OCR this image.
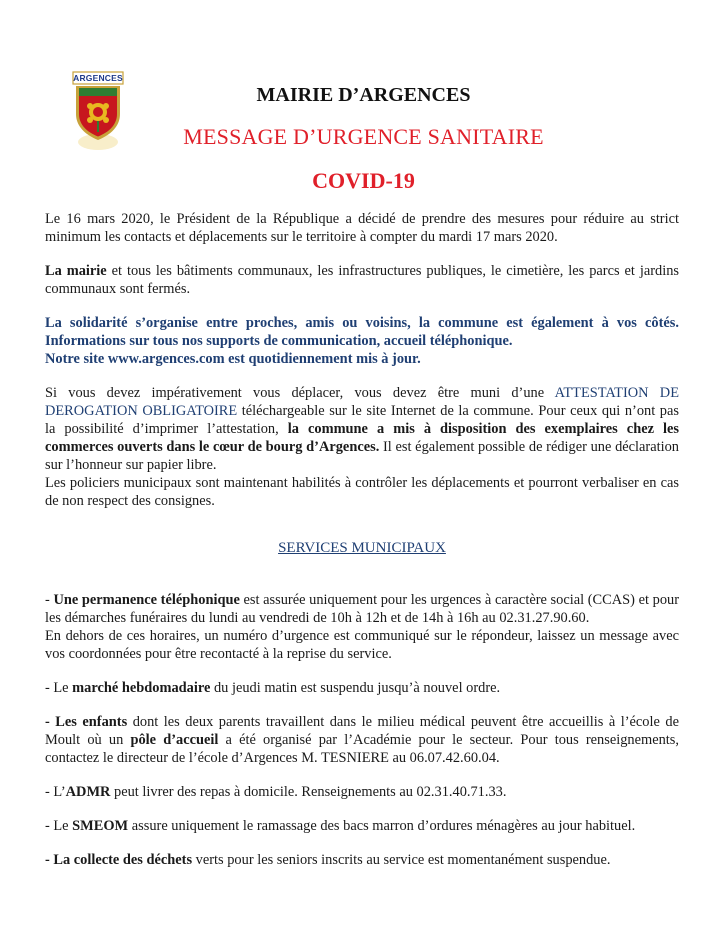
ARGENCES
MAIRIE D’ARGENCES
MESSAGE D’URGENCE SANITAIRE
COVID-19

Le 16 mars 2020, le Président de la République a décidé de prendre des mesures pour réduire au strict minimum les contacts et déplacements sur le territoire à compter du mardi 17 mars 2020.

La mairie et tous les bâtiments communaux, les infrastructures publiques, le cimetière, les parcs et jardins communaux sont fermés.

La solidarité s’organise entre proches, amis ou voisins, la commune est également à vos côtés. Informations sur tous nos supports de communication, accueil téléphonique.
Notre site www.argences.com est quotidiennement mis à jour.

Si vous devez impérativement vous déplacer, vous devez être muni d’une ATTESTATION DE DEROGATION OBLIGATOIRE téléchargeable sur le site Internet de la commune. Pour ceux qui n’ont pas la possibilité d’imprimer l’attestation, la commune a mis à disposition des exemplaires chez les commerces ouverts dans le cœur de bourg d’Argences. Il est également possible de rédiger une déclaration sur l’honneur sur papier libre.

Les policiers municipaux sont maintenant habilités à contrôler les déplacements et pourront verbaliser en cas de non respect des consignes.

SERVICES MUNICIPAUX

- Une permanence téléphonique est assurée uniquement pour les urgences à caractère social (CCAS) et pour les démarches funéraires du lundi au vendredi de 10h à 12h et de 14h à 16h au 02.31.27.90.60.
En dehors de ces horaires, un numéro d’urgence est communiqué sur le répondeur, laissez un message avec vos coordonnées pour être recontacté à la reprise du service.

- Le marché hebdomadaire du jeudi matin est suspendu jusqu’à nouvel ordre.

- Les enfants dont les deux parents travaillent dans le milieu médical peuvent être accueillis à l’école de Moult où un pôle d’accueil a été organisé par l’Académie pour le secteur. Pour tous renseignements, contactez le directeur de l’école d’Argences M. TESNIERE au 06.07.42.60.04.

- L’ADMR peut livrer des repas à domicile. Renseignements au 02.31.40.71.33.

- Le SMEOM assure uniquement le ramassage des bacs marron d’ordures ménagères au jour habituel.

- La collecte des déchets verts pour les seniors inscrits au service est momentanément suspendue.
